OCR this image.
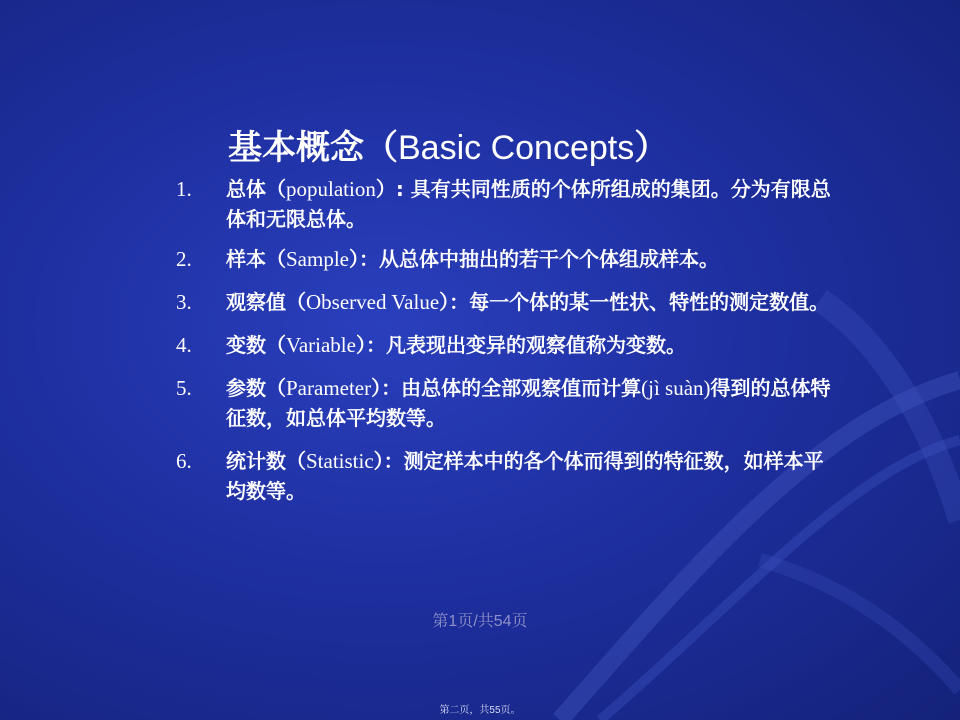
基本概念（Basic Concepts）
1.	总体（population）: 具有共同性质的个体所组成的集团。分为有限总体和无限总体。
2.	样本（Sample）：从总体中抽出的若干个个体组成样本。
3.	观察值（Observed Value）：每一个体的某一性状、特性的测定数值。
4.	变数（Variable）：凡表现出变异的观察值称为变数。
5.	参数（Parameter）：由总体的全部观察值而计算(jì suàn)得到的总体特征数，如总体平均数等。
6.	统计数（Statistic）：测定样本中的各个体而得到的特征数，如样本平均数等。
第1页/共54页
第二页，共55页。
